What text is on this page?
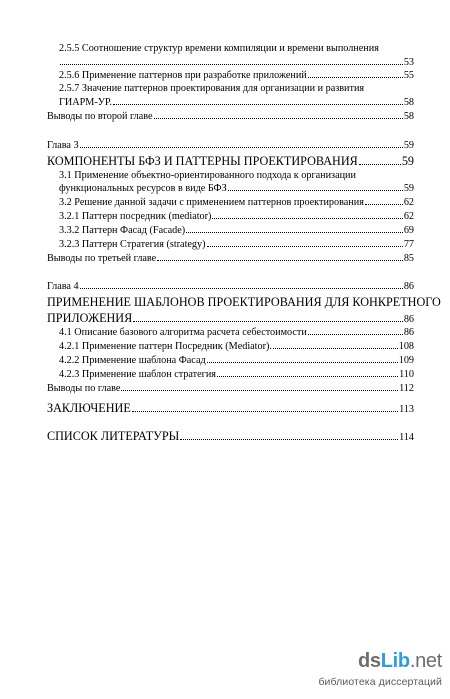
2.5.5 Соотношение структур времени компиляции и времени выполнения
53
2.5.6 Применение паттернов при разработке приложений	55
2.5.7 Значение паттернов проектирования для организации и развития
ГИАРМ-УР.	58
Выводы по второй главе	58
Глава 3	59
КОМПОНЕНТЫ БФЗ И ПАТТЕРНЫ ПРОЕКТИРОВАНИЯ	59
3.1 Применение объектно-ориентированного подхода к организации
функциональных ресурсов в виде БФЗ	59
3.2 Решение данной задачи с применением паттернов проектирования	62
3.2.1 Паттерн посредник (mediator)	62
3.3.2 Паттерн Фасад (Facade)	69
3.2.3 Паттерн Стратегия (strategy)	77
Выводы по третьей главе	85
Глава 4	86
ПРИМЕНЕНИЕ ШАБЛОНОВ ПРОЕКТИРОВАНИЯ ДЛЯ КОНКРЕТНОГО
ПРИЛОЖЕНИЯ	86
4.1 Описание базового алгоритма расчета себестоимости	86
4.2.1 Применение паттерн Посредник (Mediator).	108
4.2.2 Применение шаблона Фасад	109
4.2.3 Применение шаблон стратегия	110
Выводы по главе	112
ЗАКЛЮЧЕНИЕ	113
СПИСОК ЛИТЕРАТУРЫ	114
dsLib.net
библиотека диссертаций
